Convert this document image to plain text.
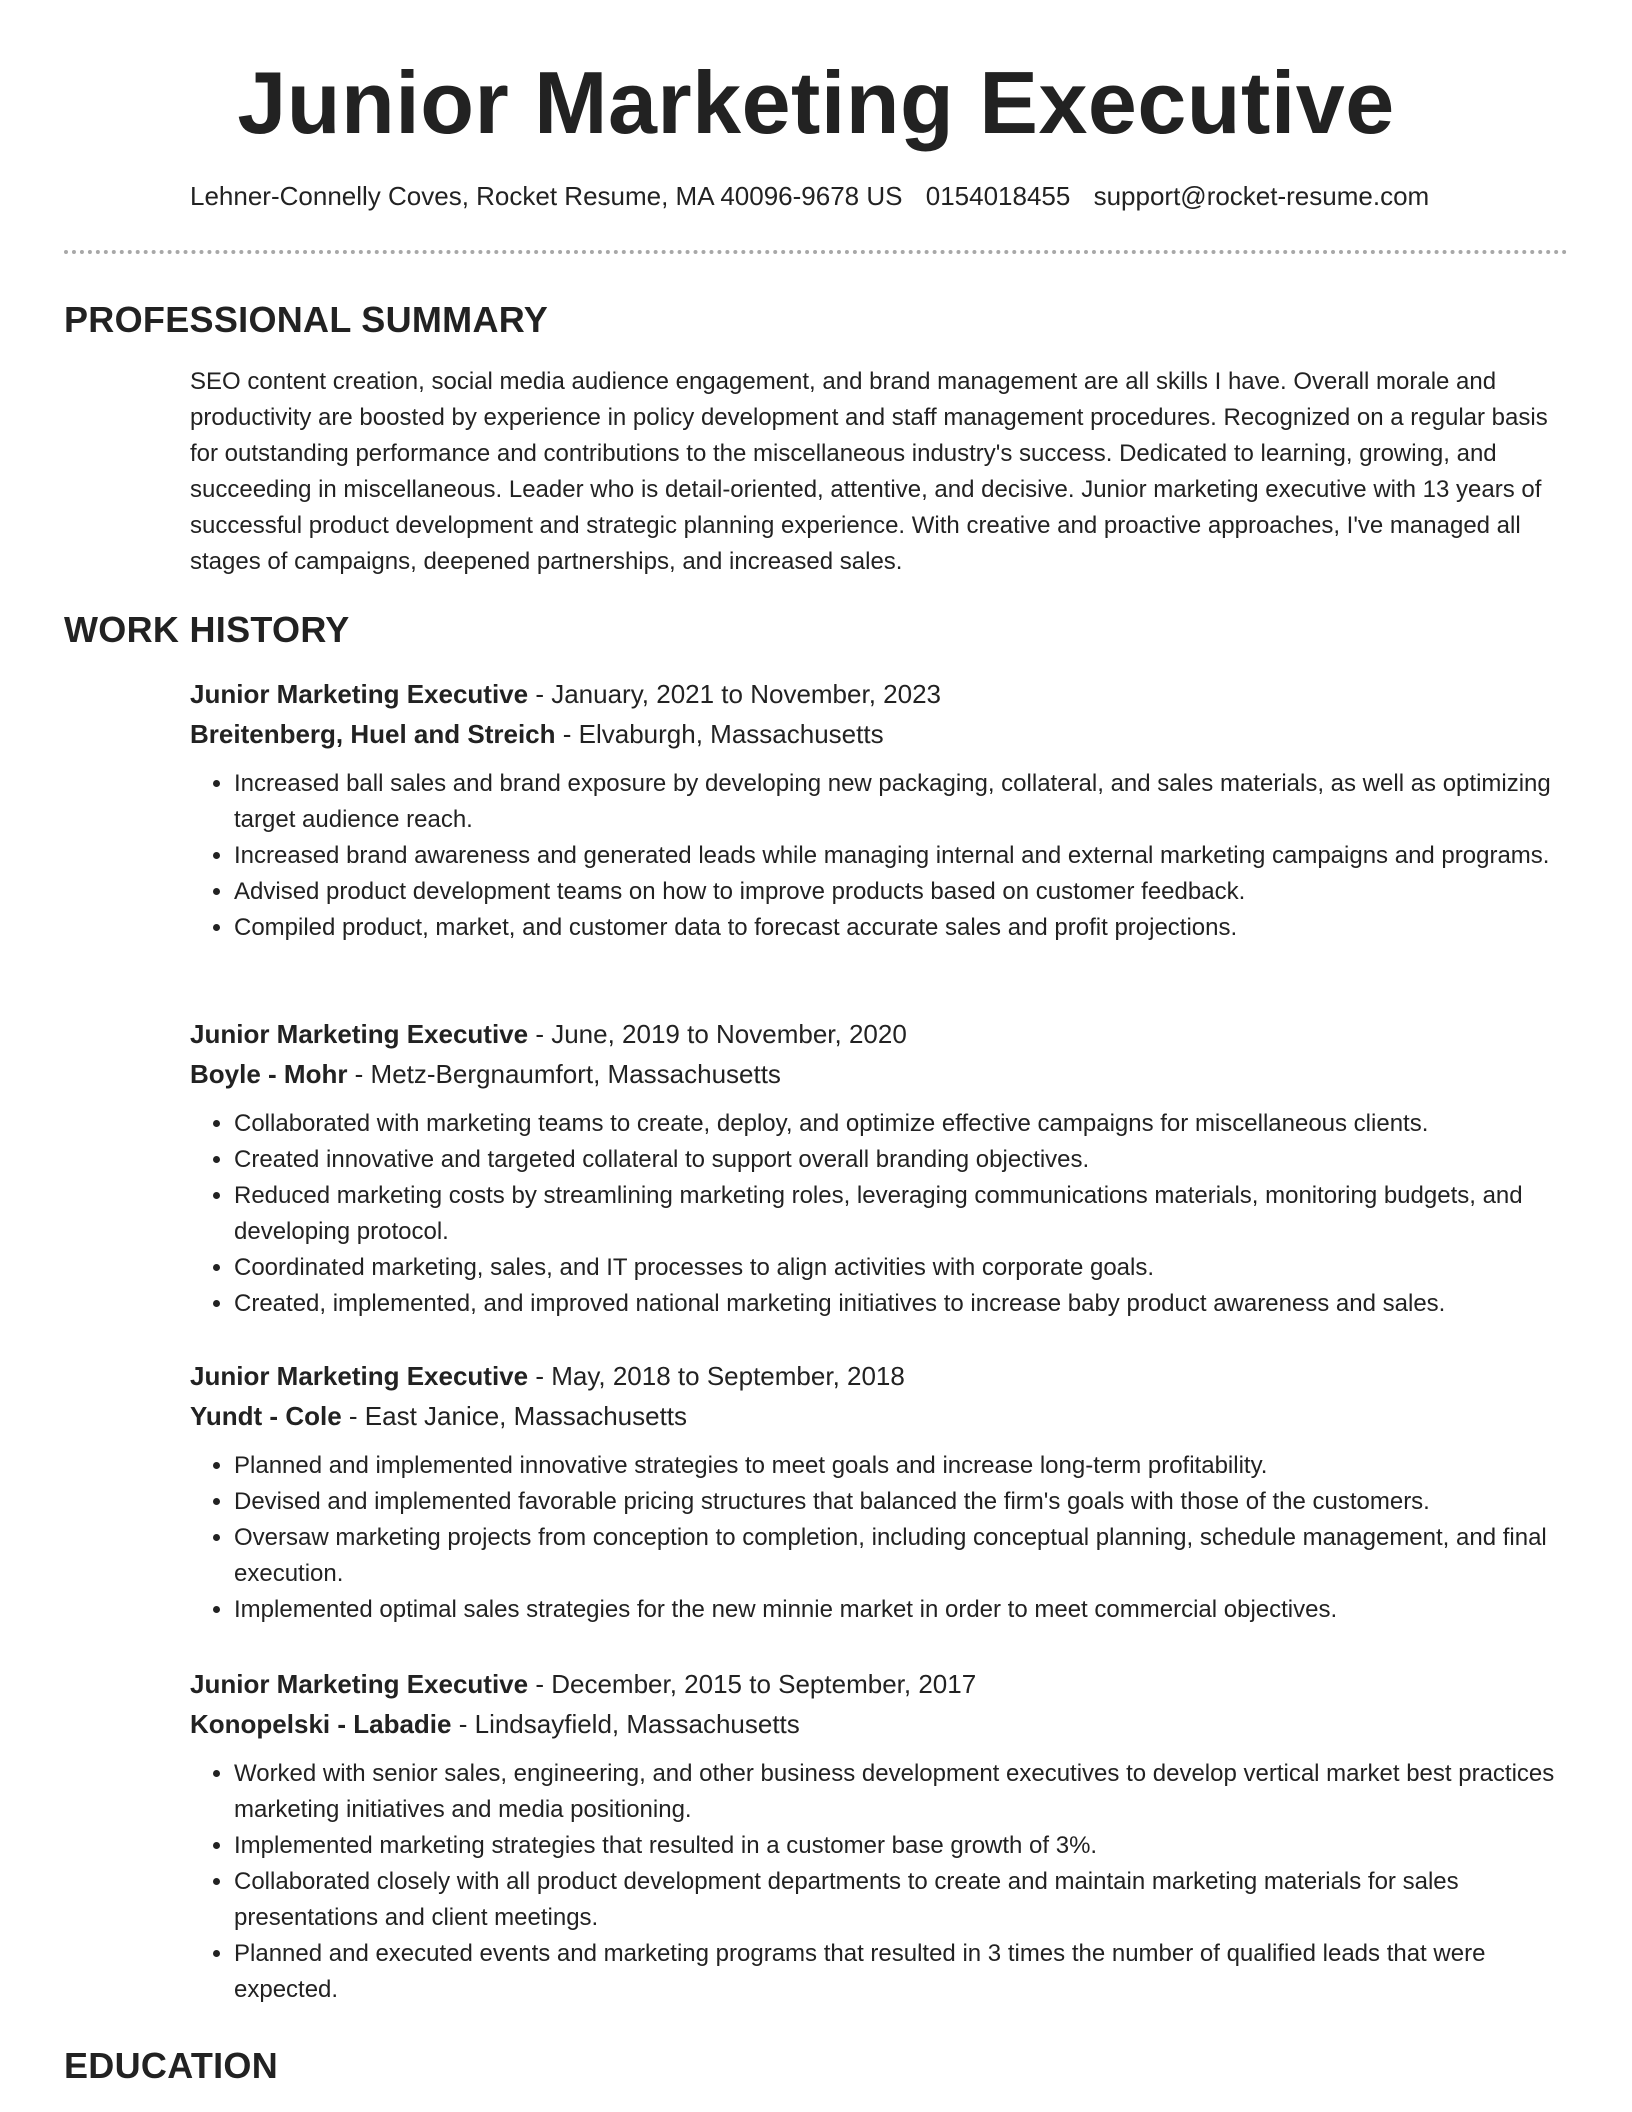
Junior Marketing Executive
Lehner-Connelly Coves, Rocket Resume, MA 40096-9678 US 0154018455 support@rocket-resume.com
PROFESSIONAL SUMMARY

SEO content creation, social media audience engagement, and brand management are all skills I have. Overall morale and productivity are boosted by experience in policy development and staff management procedures. Recognized on a regular basis for outstanding performance and contributions to the miscellaneous industry's success. Dedicated to learning, growing, and succeeding in miscellaneous. Leader who is detail-oriented, attentive, and decisive. Junior marketing executive with 13 years of successful product development and strategic planning experience. With creative and proactive approaches, I've managed all stages of campaigns, deepened partnerships, and increased sales.

WORK HISTORY
Junior Marketing Executive - January, 2021 to November, 2023
Breitenberg, Huel and Streich - Elvaburgh, Massachusetts
• Increased ball sales and brand exposure by developing new packaging, collateral, and sales materials, as well as optimizing target audience reach.
• Increased brand awareness and generated leads while managing internal and external marketing campaigns and programs.
• Advised product development teams on how to improve products based on customer feedback.
• Compiled product, market, and customer data to forecast accurate sales and profit projections.
Junior Marketing Executive - June, 2019 to November, 2020
Boyle - Mohr - Metz-Bergnaumfort, Massachusetts
• Collaborated with marketing teams to create, deploy, and optimize effective campaigns for miscellaneous clients.
• Created innovative and targeted collateral to support overall branding objectives.
• Reduced marketing costs by streamlining marketing roles, leveraging communications materials, monitoring budgets, and developing protocol.
• Coordinated marketing, sales, and IT processes to align activities with corporate goals.
• Created, implemented, and improved national marketing initiatives to increase baby product awareness and sales.
Junior Marketing Executive - May, 2018 to September, 2018
Yundt - Cole - East Janice, Massachusetts
• Planned and implemented innovative strategies to meet goals and increase long-term profitability.
• Devised and implemented favorable pricing structures that balanced the firm's goals with those of the customers.
• Oversaw marketing projects from conception to completion, including conceptual planning, schedule management, and final execution.
• Implemented optimal sales strategies for the new minnie market in order to meet commercial objectives.
Junior Marketing Executive - December, 2015 to September, 2017
Konopelski - Labadie - Lindsayfield, Massachusetts
• Worked with senior sales, engineering, and other business development executives to develop vertical market best practices marketing initiatives and media positioning.
• Implemented marketing strategies that resulted in a customer base growth of 3%.
• Collaborated closely with all product development departments to create and maintain marketing materials for sales presentations and client meetings.
• Planned and executed events and marketing programs that resulted in 3 times the number of qualified leads that were expected.
EDUCATION
